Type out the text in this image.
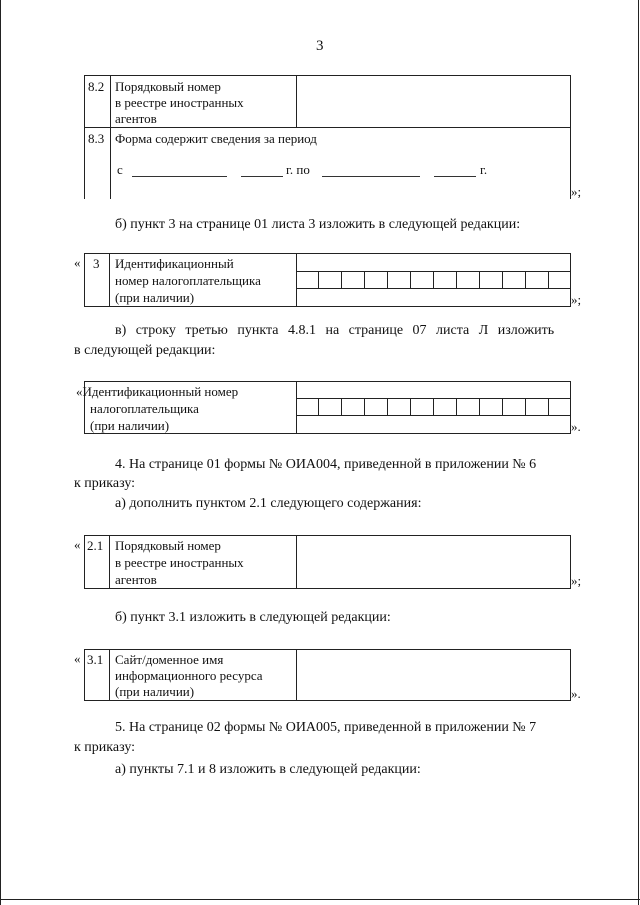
3
8.2 Порядковый номер
в реестре иностранных
агентов
8.3 Форма содержит сведения за период
с	г. по	г.
»;
б) пункт 3 на странице 01 листа 3 изложить в следующей редакции:
« 3 Идентификационный
номер налогоплательщика
(при наличии)	»;
в) строку третью пункта 4.8.1 на странице 07 листа Л изложить
в следующей редакции:
«Идентификационный номер
налогоплательщика
(при наличии)	».
4. На странице 01 формы № ОИА004, приведенной в приложении № 6
к приказу:
а) дополнить пунктом 2.1 следующего содержания:
« 2.1 Порядковый номер
в реестре иностранных
агентов	»;
б) пункт 3.1 изложить в следующей редакции:
« 3.1 Сайт/доменное имя
информационного ресурса
(при наличии)	».
5. На странице 02 формы № ОИА005, приведенной в приложении № 7
к приказу:
а) пункты 7.1 и 8 изложить в следующей редакции:
